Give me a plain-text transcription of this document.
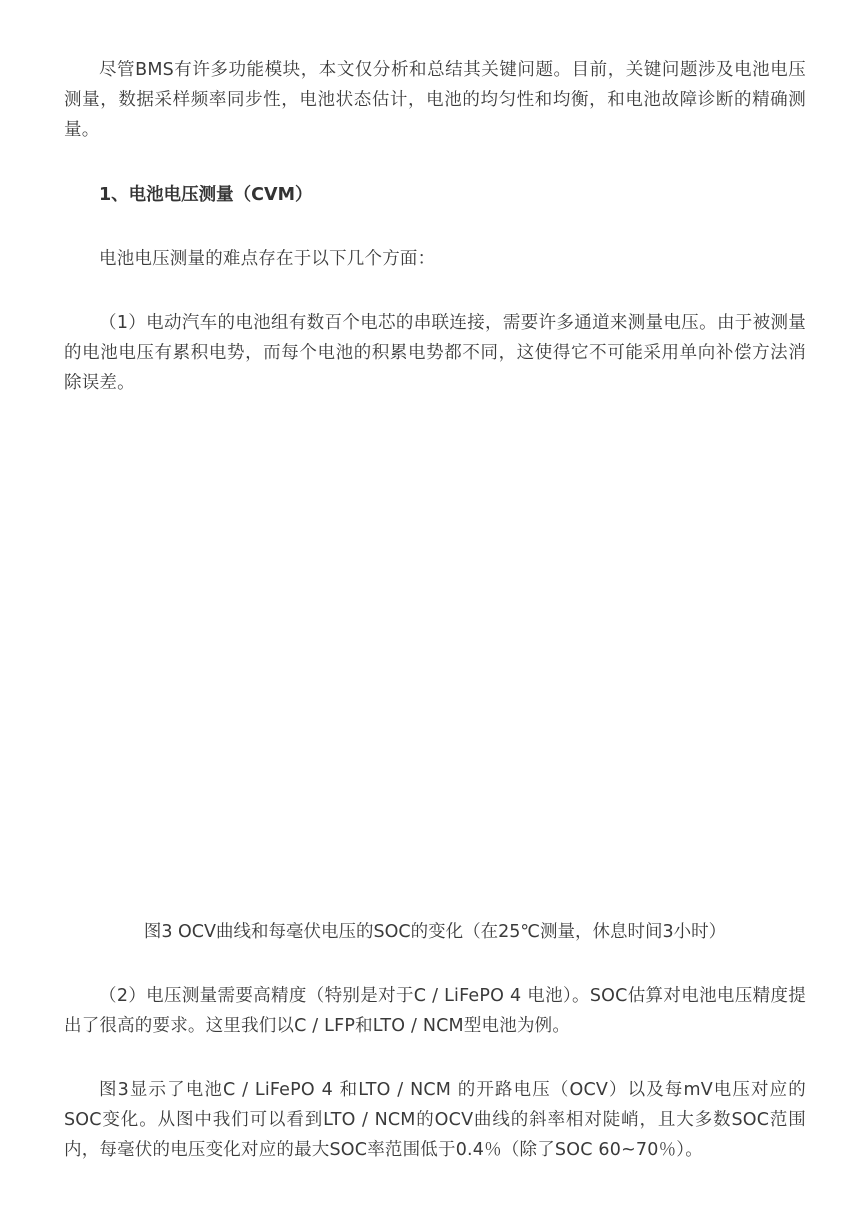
尽管BMS有许多功能模块，本文仅分析和总结其关键问题。目前，关键问题涉及电池电压测量，数据采样频率同步性，电池状态估计，电池的均匀性和均衡，和电池故障诊断的精确测量。

1、电池电压测量（CVM）

电池电压测量的难点存在于以下几个方面：

（1）电动汽车的电池组有数百个电芯的串联连接，需要许多通道来测量电压。由于被测量的电池电压有累积电势，而每个电池的积累电势都不同，这使得它不可能采用单向补偿方法消除误差。

图3 OCV曲线和每毫伏电压的SOC的变化（在25℃测量，休息时间3小时）

（2）电压测量需要高精度（特别是对于C / LiFePO 4 电池）。SOC估算对电池电压精度提出了很高的要求。这里我们以C / LFP和LTO / NCM型电池为例。

图3显示了电池C / LiFePO 4 和LTO / NCM 的开路电压（OCV）以及每mV电压对应的SOC变化。从图中我们可以看到LTO / NCM的OCV曲线的斜率相对陡峭，且大多数SOC范围内，每毫伏的电压变化对应的最大SOC率范围低于0.4％（除了SOC 60~70％）。
